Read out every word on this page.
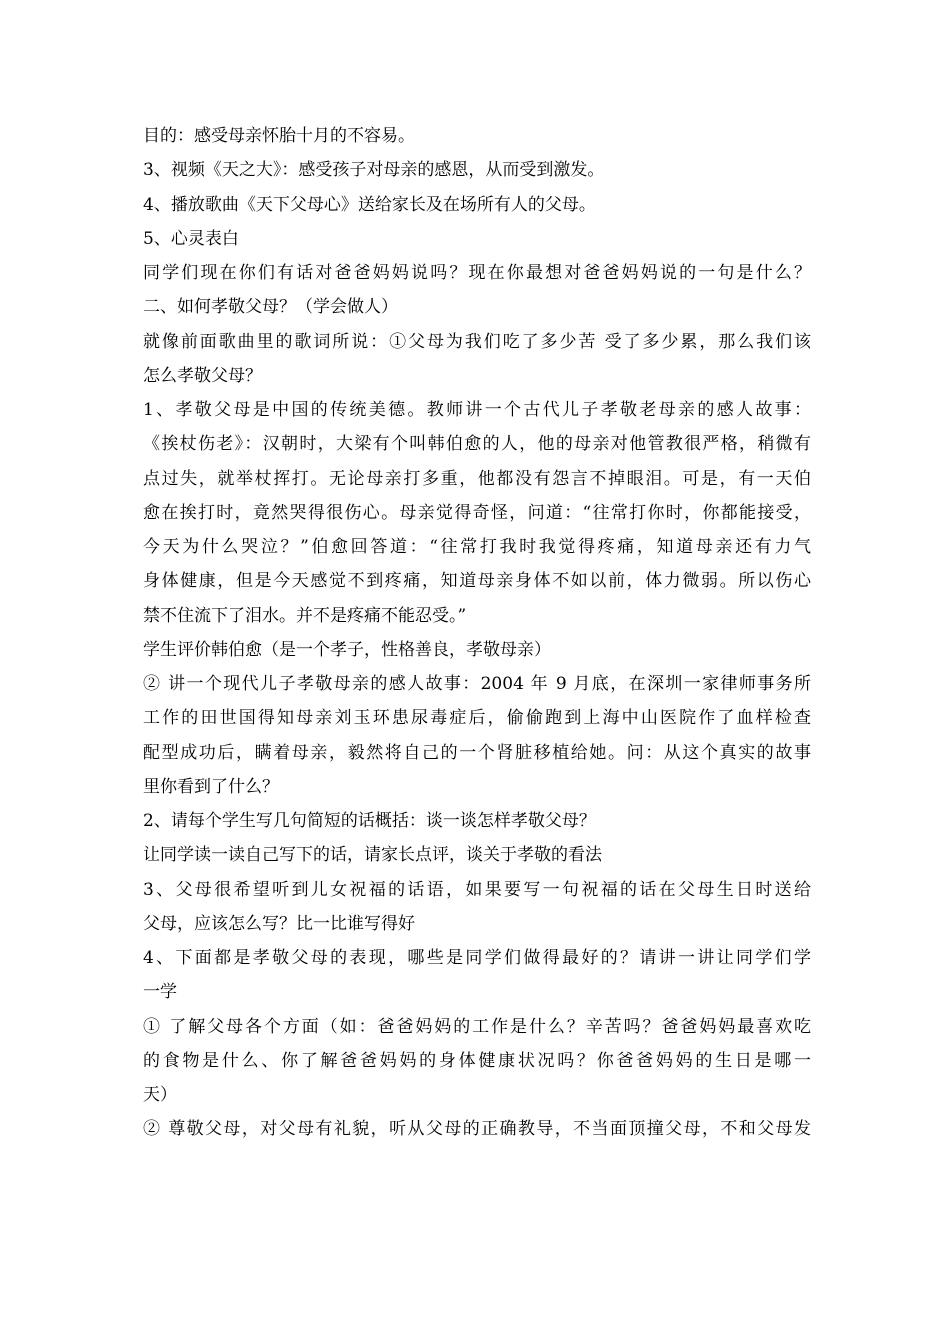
目的：感受母亲怀胎十月的不容易。
3、视频《天之大》：感受孩子对母亲的感恩，从而受到激发。
4、播放歌曲《天下父母心》送给家长及在场所有人的父母。
5、心灵表白
同学们现在你们有话对爸爸妈妈说吗？现在你最想对爸爸妈妈说的一句是什么？
二、如何孝敬父母？（学会做人）
就像前面歌曲里的歌词所说：①父母为我们吃了多少苦 受了多少累，那么我们该
怎么孝敬父母？
1、孝敬父母是中国的传统美德。教师讲一个古代儿子孝敬老母亲的感人故事：
《挨杖伤老》：汉朝时，大梁有个叫韩伯愈的人，他的母亲对他管教很严格，稍微有
点过失，就举杖挥打。无论母亲打多重，他都没有怨言不掉眼泪。可是，有一天伯
愈在挨打时，竟然哭得很伤心。母亲觉得奇怪，问道：“往常打你时，你都能接受，
今天为什么哭泣？”伯愈回答道：“往常打我时我觉得疼痛，知道母亲还有力气
身体健康，但是今天感觉不到疼痛，知道母亲身体不如以前，体力微弱。所以伤心
禁不住流下了泪水。并不是疼痛不能忍受。”
学生评价韩伯愈（是一个孝子，性格善良，孝敬母亲）
② 讲一个现代儿子孝敬母亲的感人故事：2004 年 9 月底，在深圳一家律师事务所
工作的田世国得知母亲刘玉环患尿毒症后，偷偷跑到上海中山医院作了血样检查
配型成功后，瞒着母亲，毅然将自己的一个肾脏移植给她。问：从这个真实的故事
里你看到了什么？
2、请每个学生写几句简短的话概括：谈一谈怎样孝敬父母？
让同学读一读自己写下的话，请家长点评，谈关于孝敬的看法
3、父母很希望听到儿女祝福的话语，如果要写一句祝福的话在父母生日时送给
父母，应该怎么写？比一比谁写得好
4、下面都是孝敬父母的表现，哪些是同学们做得最好的？请讲一讲让同学们学
一学
① 了解父母各个方面（如：爸爸妈妈的工作是什么？辛苦吗？爸爸妈妈最喜欢吃
的食物是什么、你了解爸爸妈妈的身体健康状况吗？你爸爸妈妈的生日是哪一
天）
② 尊敬父母，对父母有礼貌，听从父母的正确教导，不当面顶撞父母，不和父母发
